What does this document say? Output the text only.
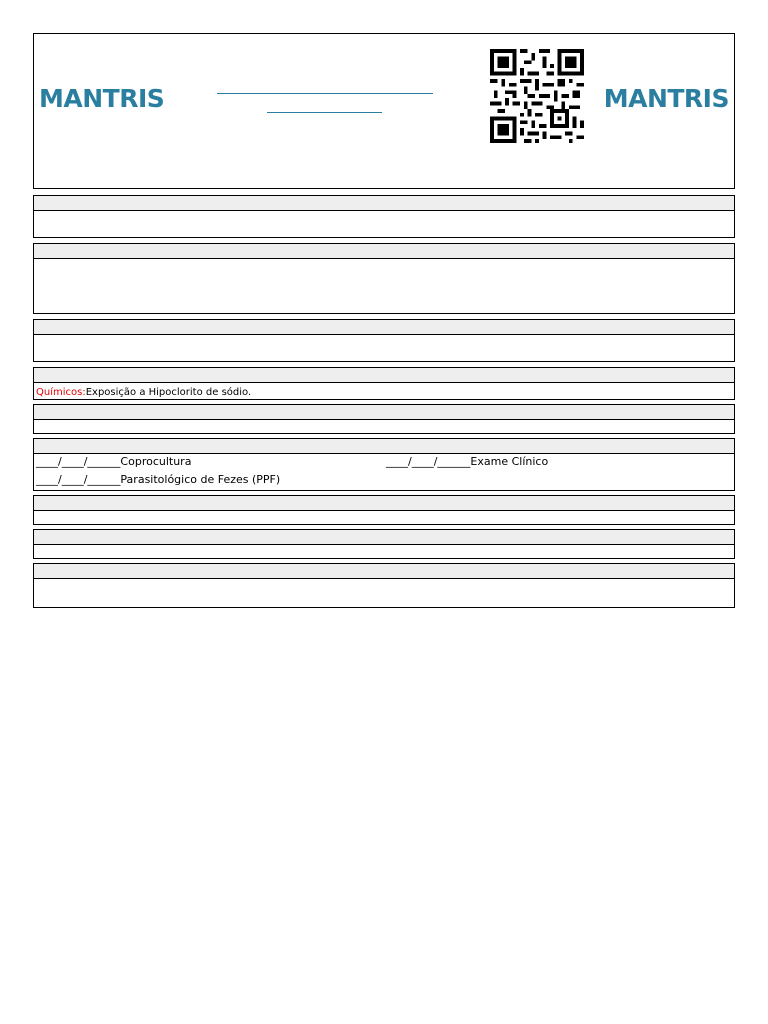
MANTRIS	MANTRIS
Químicos:Exposição a Hipoclorito de sódio.
____/____/______Coprocultura	____/____/______Exame Clínico
____/____/______Parasitológico de Fezes (PPF)
